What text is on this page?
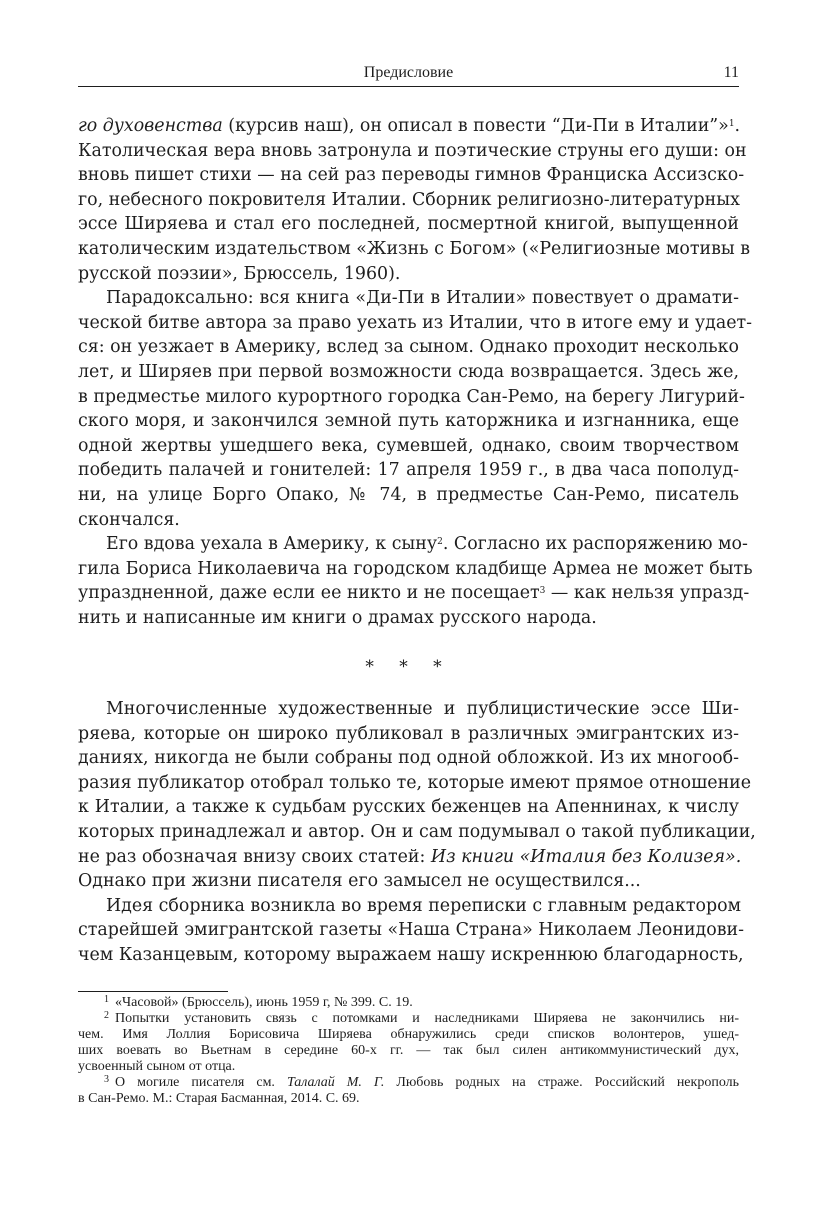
Предисловие	11
го духовенства (курсив наш), он описал в повести “Ди-Пи в Италии”»$^1$.
Католическая вера вновь затронула и поэтические струны его души: он
вновь пишет стихи — на сей раз переводы гимнов Франциска Ассизско-
го, небесного покровителя Италии. Сборник религиозно-литературных
эссе Ширяева и стал его последней, посмертной книгой, выпущенной
католическим издательством «Жизнь с Богом» («Религиозные мотивы в
русской поэзии», Брюссель, 1960).
Парадоксально: вся книга «Ди-Пи в Италии» повествует о драмати-
ческой битве автора за право уехать из Италии, что в итоге ему и удает-
ся: он уезжает в Америку, вслед за сыном. Однако проходит несколько
лет, и Ширяев при первой возможности сюда возвращается. Здесь же,
в предместье милого курортного городка Сан-Ремо, на берегу Лигурий-
ского моря, и закончился земной путь каторжника и изгнанника, еще
одной жертвы ушедшего века, сумевшей, однако, своим творчеством
победить палачей и гонителей: 17 апреля 1959 г., в два часа пополуд-
ни, на улице Борго Опако, № 74, в предместье Сан-Ремо, писатель
скончался.
Его вдова уехала в Америку, к сыну$^2$. Согласно их распоряжению мо-
гила Бориса Николаевича на городском кладбище Армеа не может быть
упраздненной, даже если ее никто и не посещает$^3$ — как нельзя упразд-
нить и написанные им книги о драмах русского народа.
* * *
Многочисленные художественные и публицистические эссе Ши-
ряева, которые он широко публиковал в различных эмигрантских из-
даниях, никогда не были собраны под одной обложкой. Из их многооб-
разия публикатор отобрал только те, которые имеют прямое отношение
к Италии, а также к судьбам русских беженцев на Апеннинах, к числу
которых принадлежал и автор. Он и сам подумывал о такой публикации,
не раз обозначая внизу своих статей: Из книги «Италия без Колизея».
Однако при жизни писателя его замысел не осуществился...
Идея сборника возникла во время переписки с главным редактором
старейшей эмигрантской газеты «Наша Страна» Николаем Леонидови-
чем Казанцевым, которому выражаем нашу искреннюю благодарность,
$^1$ «Часовой» (Брюссель), июнь 1959 г, № 399. С. 19.
$^2$ Попытки установить связь с потомками и наследниками Ширяева не закончились ни-
чем. Имя Лоллия Борисовича Ширяева обнаружились среди списков волонтеров, ушед-
ших воевать во Вьетнам в середине 60-х гг. — так был силен антикоммунистический дух,
усвоенный сыном от отца.
$^3$ О могиле писателя см. Талалай М. Г. Любовь родных на страже. Российский некрополь
в Сан-Ремо. М.: Старая Басманная, 2014. С. 69.
